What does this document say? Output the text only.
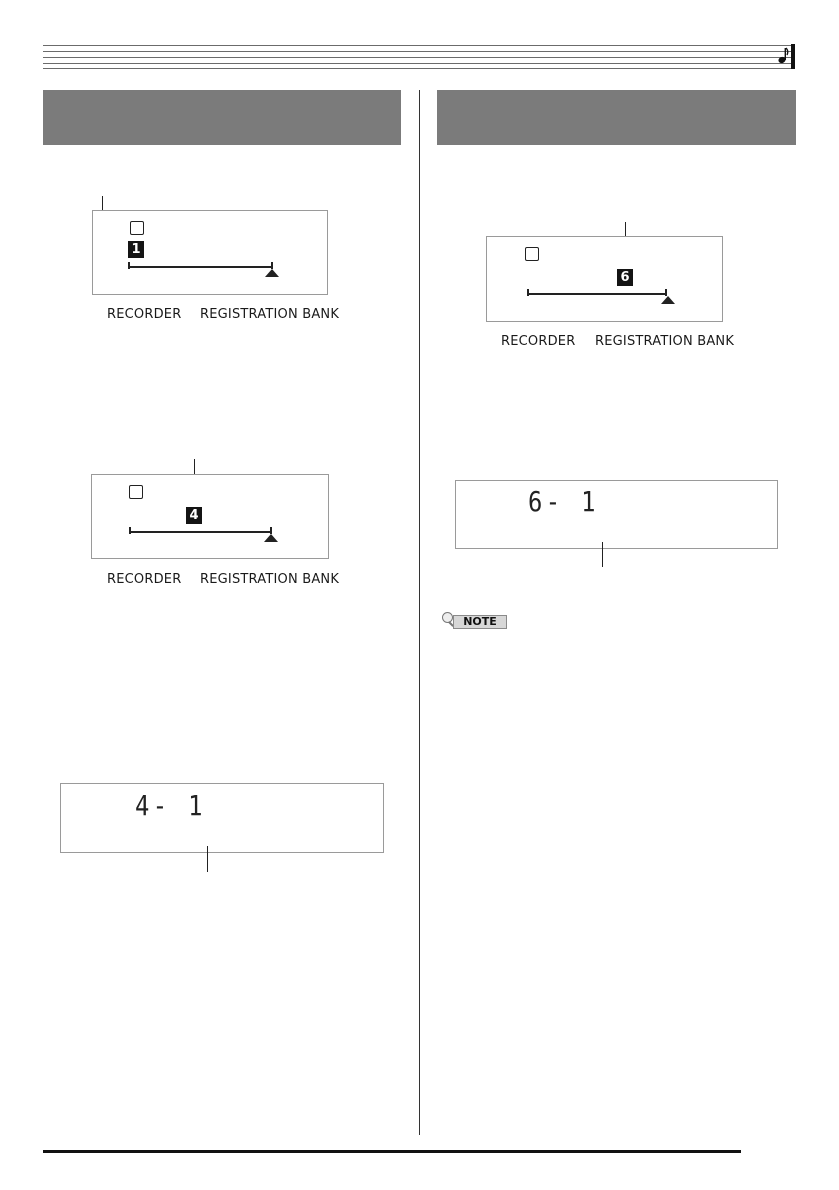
1
RECORDER REGISTRATION BANK
4
RECORDER REGISTRATION BANK
4- 1
6
RECORDER REGISTRATION BANK
6- 1
NOTE
